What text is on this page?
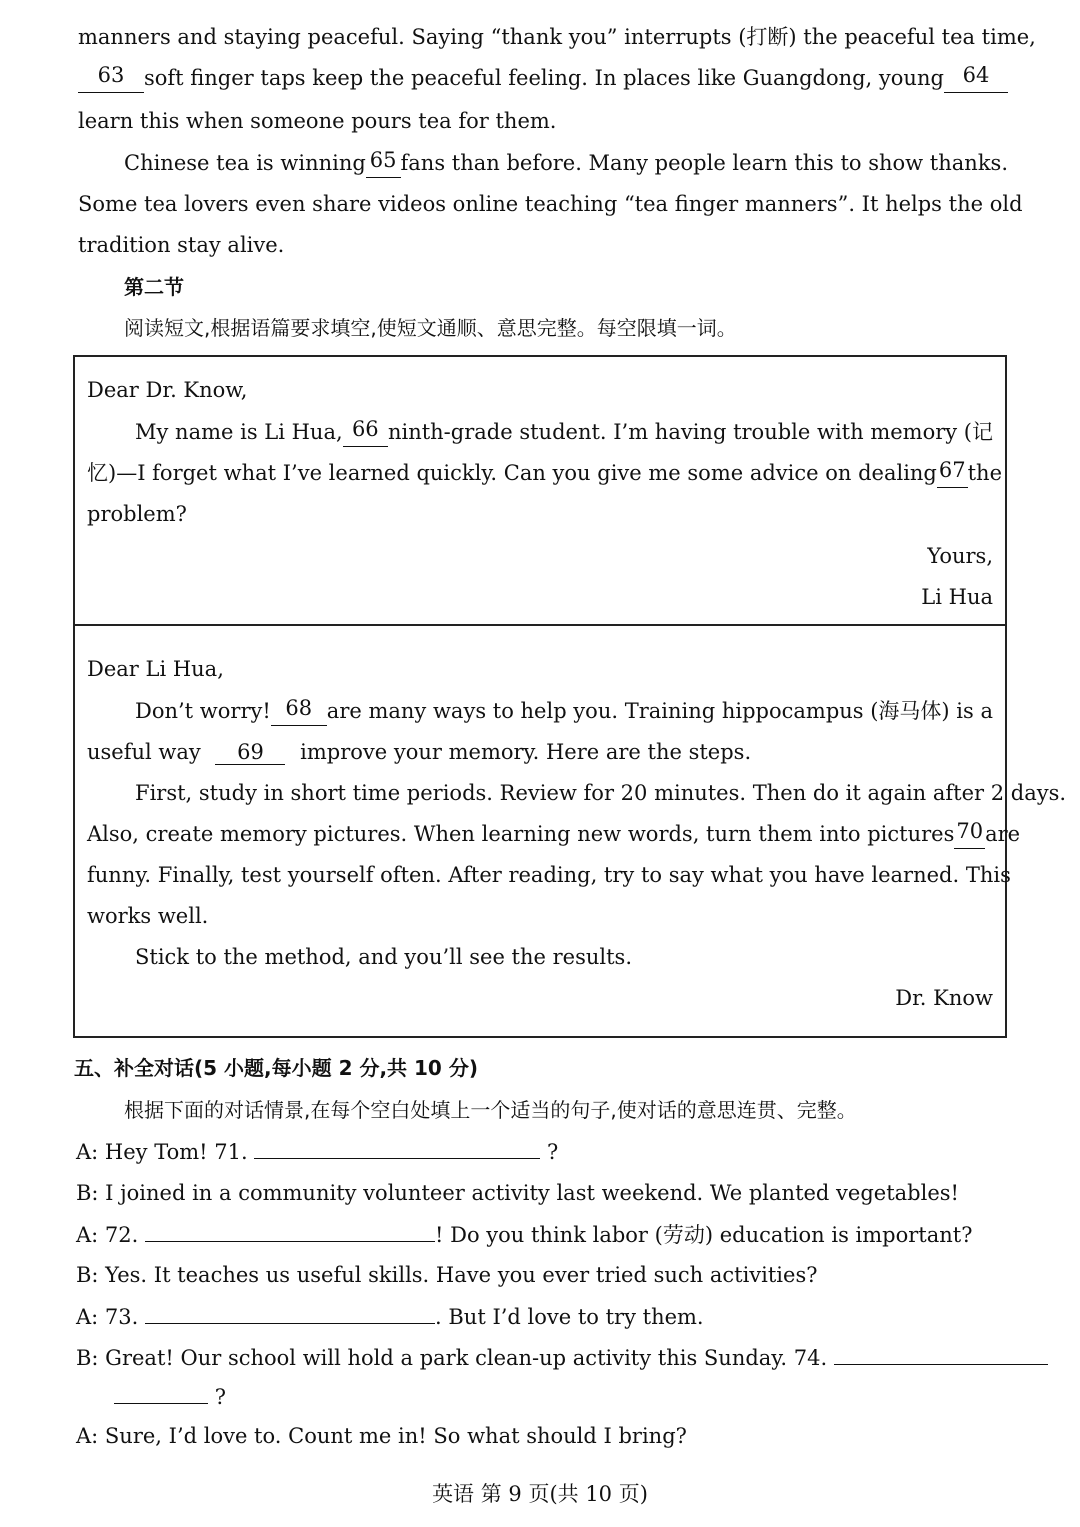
manners and staying peaceful. Saying “thank you” interrupts (打断) the peaceful tea time,
63 soft finger taps keep the peaceful feeling. In places like Guangdong, young 64
learn this when someone pours tea for them.
Chinese tea is winning 65 fans than before. Many people learn this to show thanks.
Some tea lovers even share videos online teaching “tea finger manners”. It helps the old
tradition stay alive.
第二节
阅读短文,根据语篇要求填空,使短文通顺、意思完整。每空限填一词。
Dear Dr. Know,
My name is Li Hua, 66 ninth-grade student. I’m having trouble with memory (记
忆)—I forget what I’ve learned quickly. Can you give me some advice on dealing 67 the
problem?
Yours,
Li Hua
Dear Li Hua,
Don’t worry! 68 are many ways to help you. Training hippocampus (海马体) is a
useful way 69 improve your memory. Here are the steps.
First, study in short time periods. Review for 20 minutes. Then do it again after 2 days.
Also, create memory pictures. When learning new words, turn them into pictures 70 are
funny. Finally, test yourself often. After reading, try to say what you have learned. This
works well.
Stick to the method, and you’ll see the results.
Dr. Know
五、补全对话(5 小题,每小题 2 分,共 10 分)
根据下面的对话情景,在每个空白处填上一个适当的句子,使对话的意思连贯、完整。
A: Hey Tom! 71.	?
B: I joined in a community volunteer activity last weekend. We planted vegetables!
A: 72.	! Do you think labor (劳动) education is important?
B: Yes. It teaches us useful skills. Have you ever tried such activities?
A: 73.	. But I’d love to try them.
B: Great! Our school will hold a park clean-up activity this Sunday. 74.
?
A: Sure, I’d love to. Count me in! So what should I bring?
英语 第 9 页(共 10 页)
